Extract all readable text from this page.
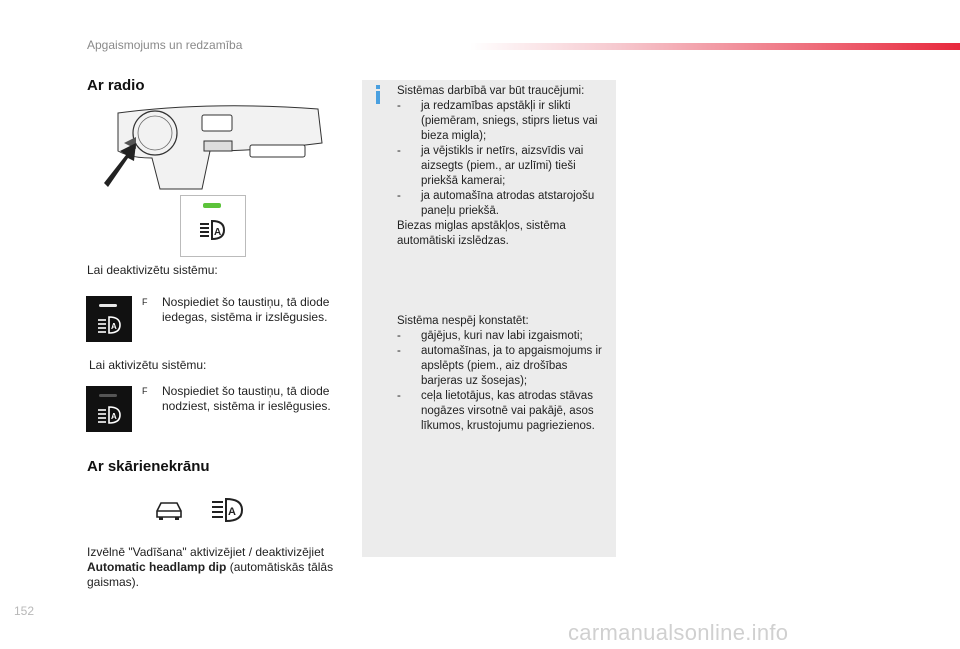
Apgaismojums un redzamība
Ar radio
A
Lai deaktivizētu sistēmu:
A
F Nospiediet šo taustiņu, tā diode iedegas, sistēma ir izslēgusies.
Lai aktivizētu sistēmu:
A
F Nospiediet šo taustiņu, tā diode nodziest, sistēma ir ieslēgusies.
Ar skārienekrānu
A
Izvēlnē "Vadīšana" aktivizējiet / deaktivizējiet Automatic headlamp dip (automātiskās tālās gaismas).
Sistēmas darbībā var būt traucējumi:
- ja redzamības apstākļi ir slikti (piemēram, sniegs, stiprs lietus vai bieza migla);
- ja vējstikls ir netīrs, aizsvīdis vai aizsegts (piem., ar uzlīmi) tieši priekšā kamerai;
- ja automašīna atrodas atstarojošu paneļu priekšā.
Biezas miglas apstākļos, sistēma automātiski izslēdzas.
Sistēma nespēj konstatēt:
- gājējus, kuri nav labi izgaismoti;
- automašīnas, ja to apgaismojums ir apslēpts (piem., aiz drošības barjeras uz šosejas);
- ceļa lietotājus, kas atrodas stāvas nogāzes virsotnē vai pakājē, asos līkumos, krustojumu pagriezienos.
152
carmanualsonline.info
